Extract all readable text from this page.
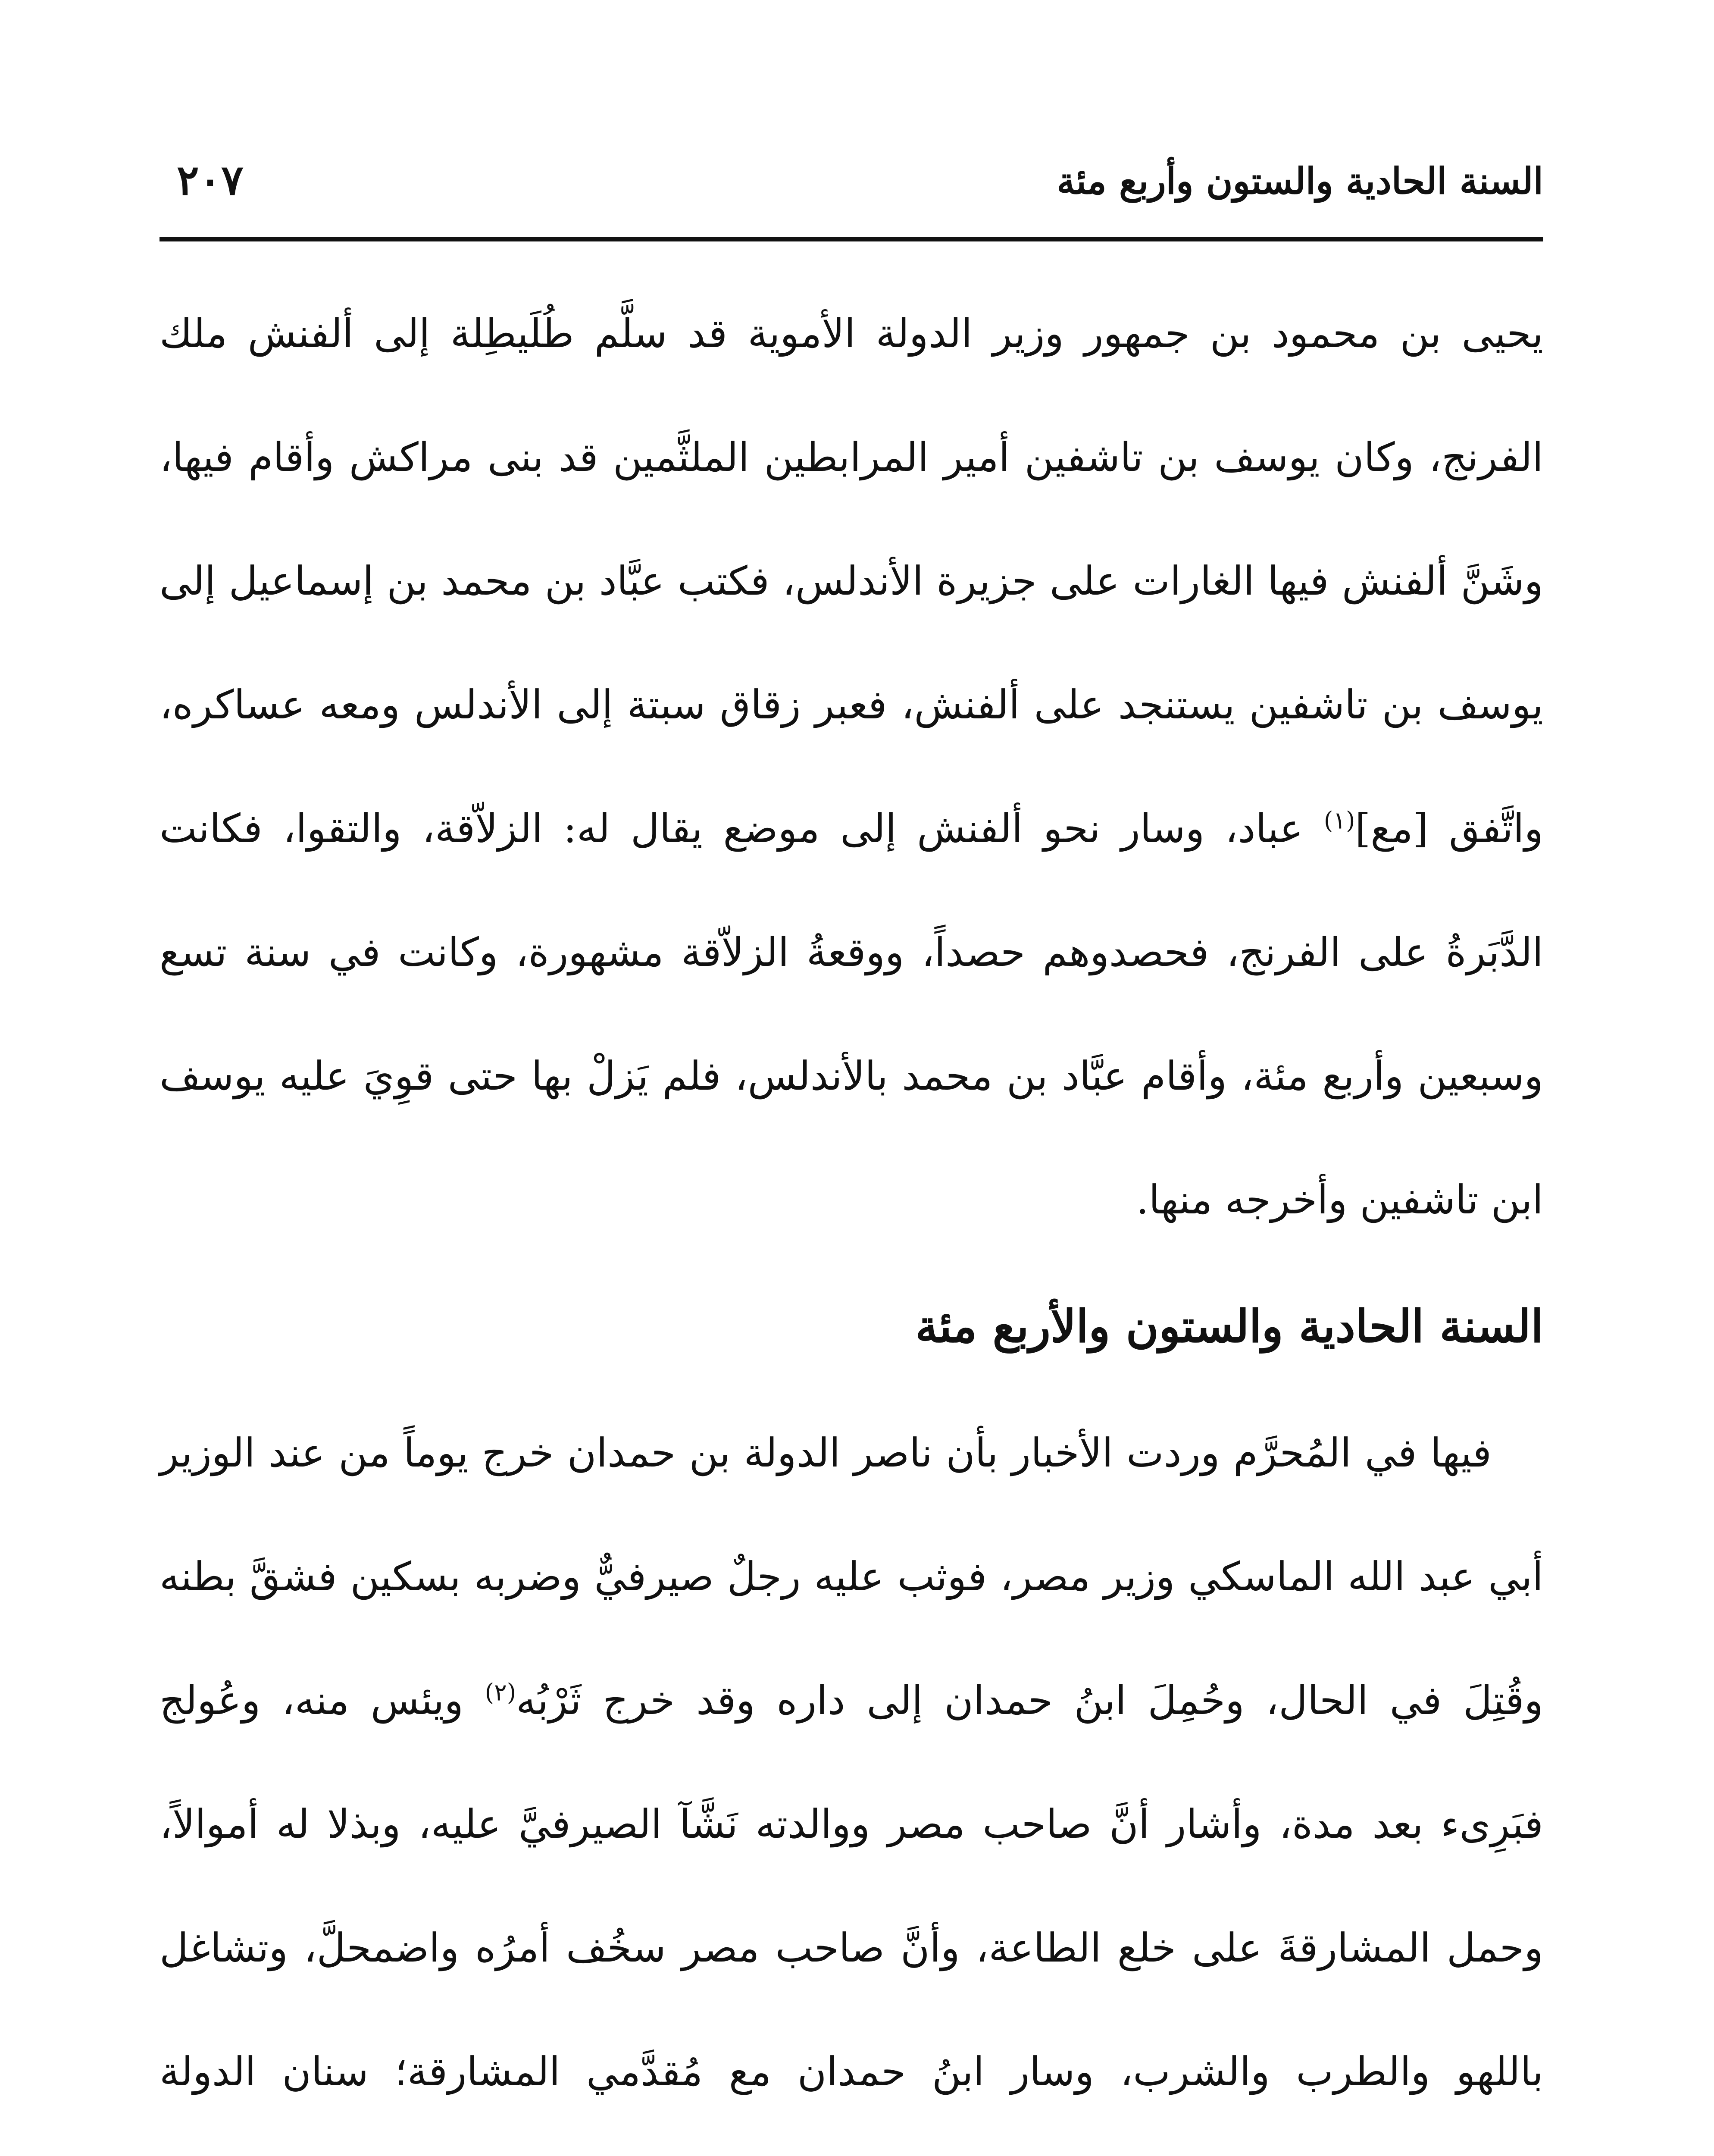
السنة الحادية والستون وأربع مئة
٢٠٧

يحيى بن محمود بن جمهور وزير الدولة الأموية قد سلَّم طُلَيطِلة إلى ألفنش ملك الفرنج، وكان يوسف بن تاشفين أمير المرابطين الملثَّمين قد بنى مراكش وأقام فيها، وشَنَّ ألفنش فيها الغارات على جزيرة الأندلس، فكتب عبَّاد بن محمد بن إسماعيل إلى يوسف بن تاشفين يستنجد على ألفنش، فعبر زقاق سبتة إلى الأندلس ومعه عساكره، واتَّفق [مع]$^{(١)}$ عباد، وسار نحو ألفنش إلى موضع يقال له: الزلاّقة، والتقوا، فكانت الدَّبَرةُ على الفرنج، فحصدوهم حصداً، ووقعةُ الزلاّقة مشهورة، وكانت في سنة تسع وسبعين وأربع مئة، وأقام عبَّاد بن محمد بالأندلس، فلم يَزلْ بها حتى قوِيَ عليه يوسف ابن تاشفين وأخرجه منها.

السنة الحادية والستون والأربع مئة

فيها في المُحرَّم وردت الأخبار بأن ناصر الدولة بن حمدان خرج يوماً من عند الوزير أبي عبد الله الماسكي وزير مصر، فوثب عليه رجلٌ صيرفيٌّ وضربه بسكين فشقَّ بطنه وقُتِلَ في الحال، وحُمِلَ ابنُ حمدان إلى داره وقد خرج ثَرْبُه$^{(٢)}$ ويئس منه، وعُولج فبَرِىء بعد مدة، وأشار أنَّ صاحب مصر ووالدته نَشَّآ الصيرفيَّ عليه، وبذلا له أموالاً، وحمل المشارقةَ على خلع الطاعة، وأنَّ صاحب مصر سخُف أمرُه واضمحلَّ، وتشاغل باللهو والطرب والشرب، وسار ابنُ حمدان مع مُقدَّمي المشارقة؛ سنان الدولة
